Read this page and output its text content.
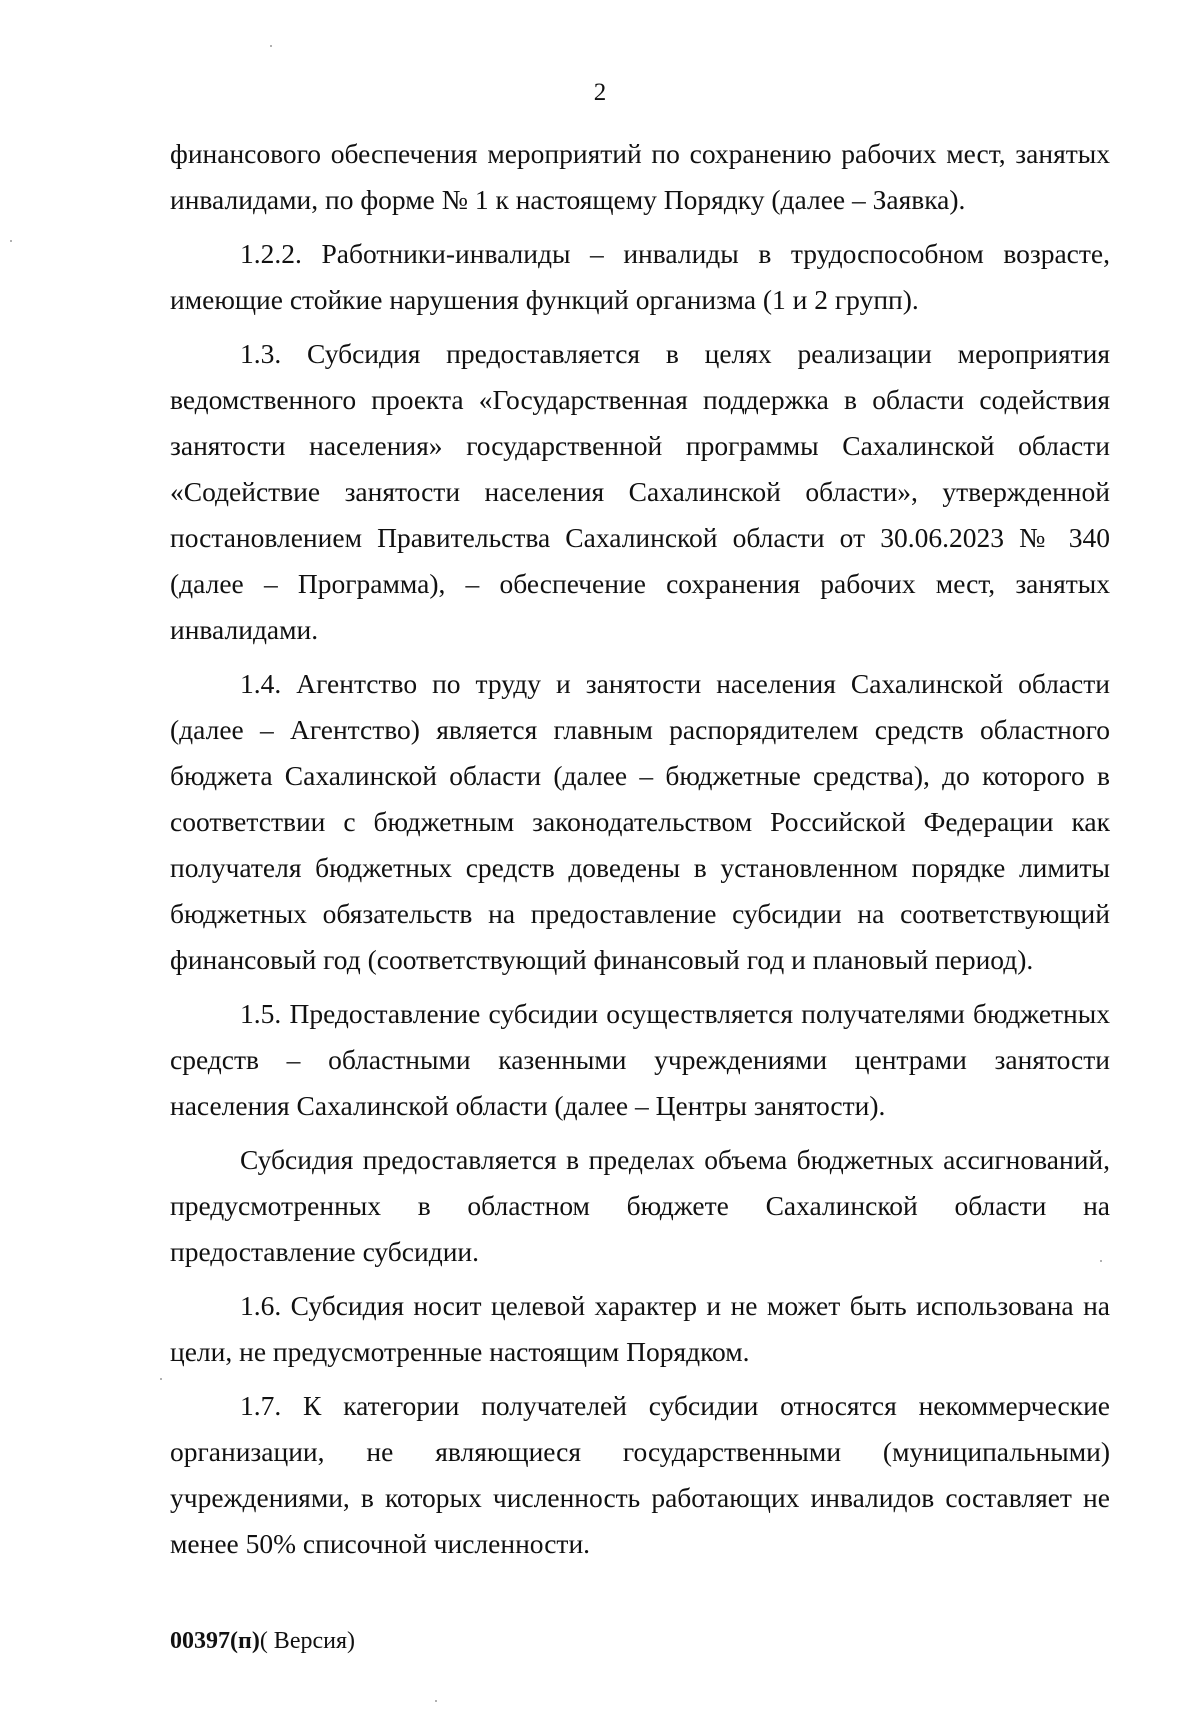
2

финансового обеспечения мероприятий по сохранению рабочих мест, занятых инвалидами, по форме № 1 к настоящему Порядку (далее – Заявка).

1.2.2. Работники-инвалиды – инвалиды в трудоспособном возрасте, имеющие стойкие нарушения функций организма (1 и 2 групп).

1.3. Субсидия предоставляется в целях реализации мероприятия ведомственного проекта «Государственная поддержка в области содействия занятости населения» государственной программы Сахалинской области «Содействие занятости населения Сахалинской области», утвержденной постановлением Правительства Сахалинской области от 30.06.2023 № 340 (далее – Программа), – обеспечение сохранения рабочих мест, занятых инвалидами.

1.4. Агентство по труду и занятости населения Сахалинской области (далее – Агентство) является главным распорядителем средств областного бюджета Сахалинской области (далее – бюджетные средства), до которого в соответствии с бюджетным законодательством Российской Федерации как получателя бюджетных средств доведены в установленном порядке лимиты бюджетных обязательств на предоставление субсидии на соответствующий финансовый год (соответствующий финансовый год и плановый период).

1.5. Предоставление субсидии осуществляется получателями бюджетных средств – областными казенными учреждениями центрами занятости населения Сахалинской области (далее – Центры занятости).

Субсидия предоставляется в пределах объема бюджетных ассигнований, предусмотренных в областном бюджете Сахалинской области на предоставление субсидии.

1.6. Субсидия носит целевой характер и не может быть использована на цели, не предусмотренные настоящим Порядком.

1.7. К категории получателей субсидии относятся некоммерческие организации, не являющиеся государственными (муниципальными) учреждениями, в которых численность работающих инвалидов составляет не менее 50% списочной численности.

00397(п)( Версия)
